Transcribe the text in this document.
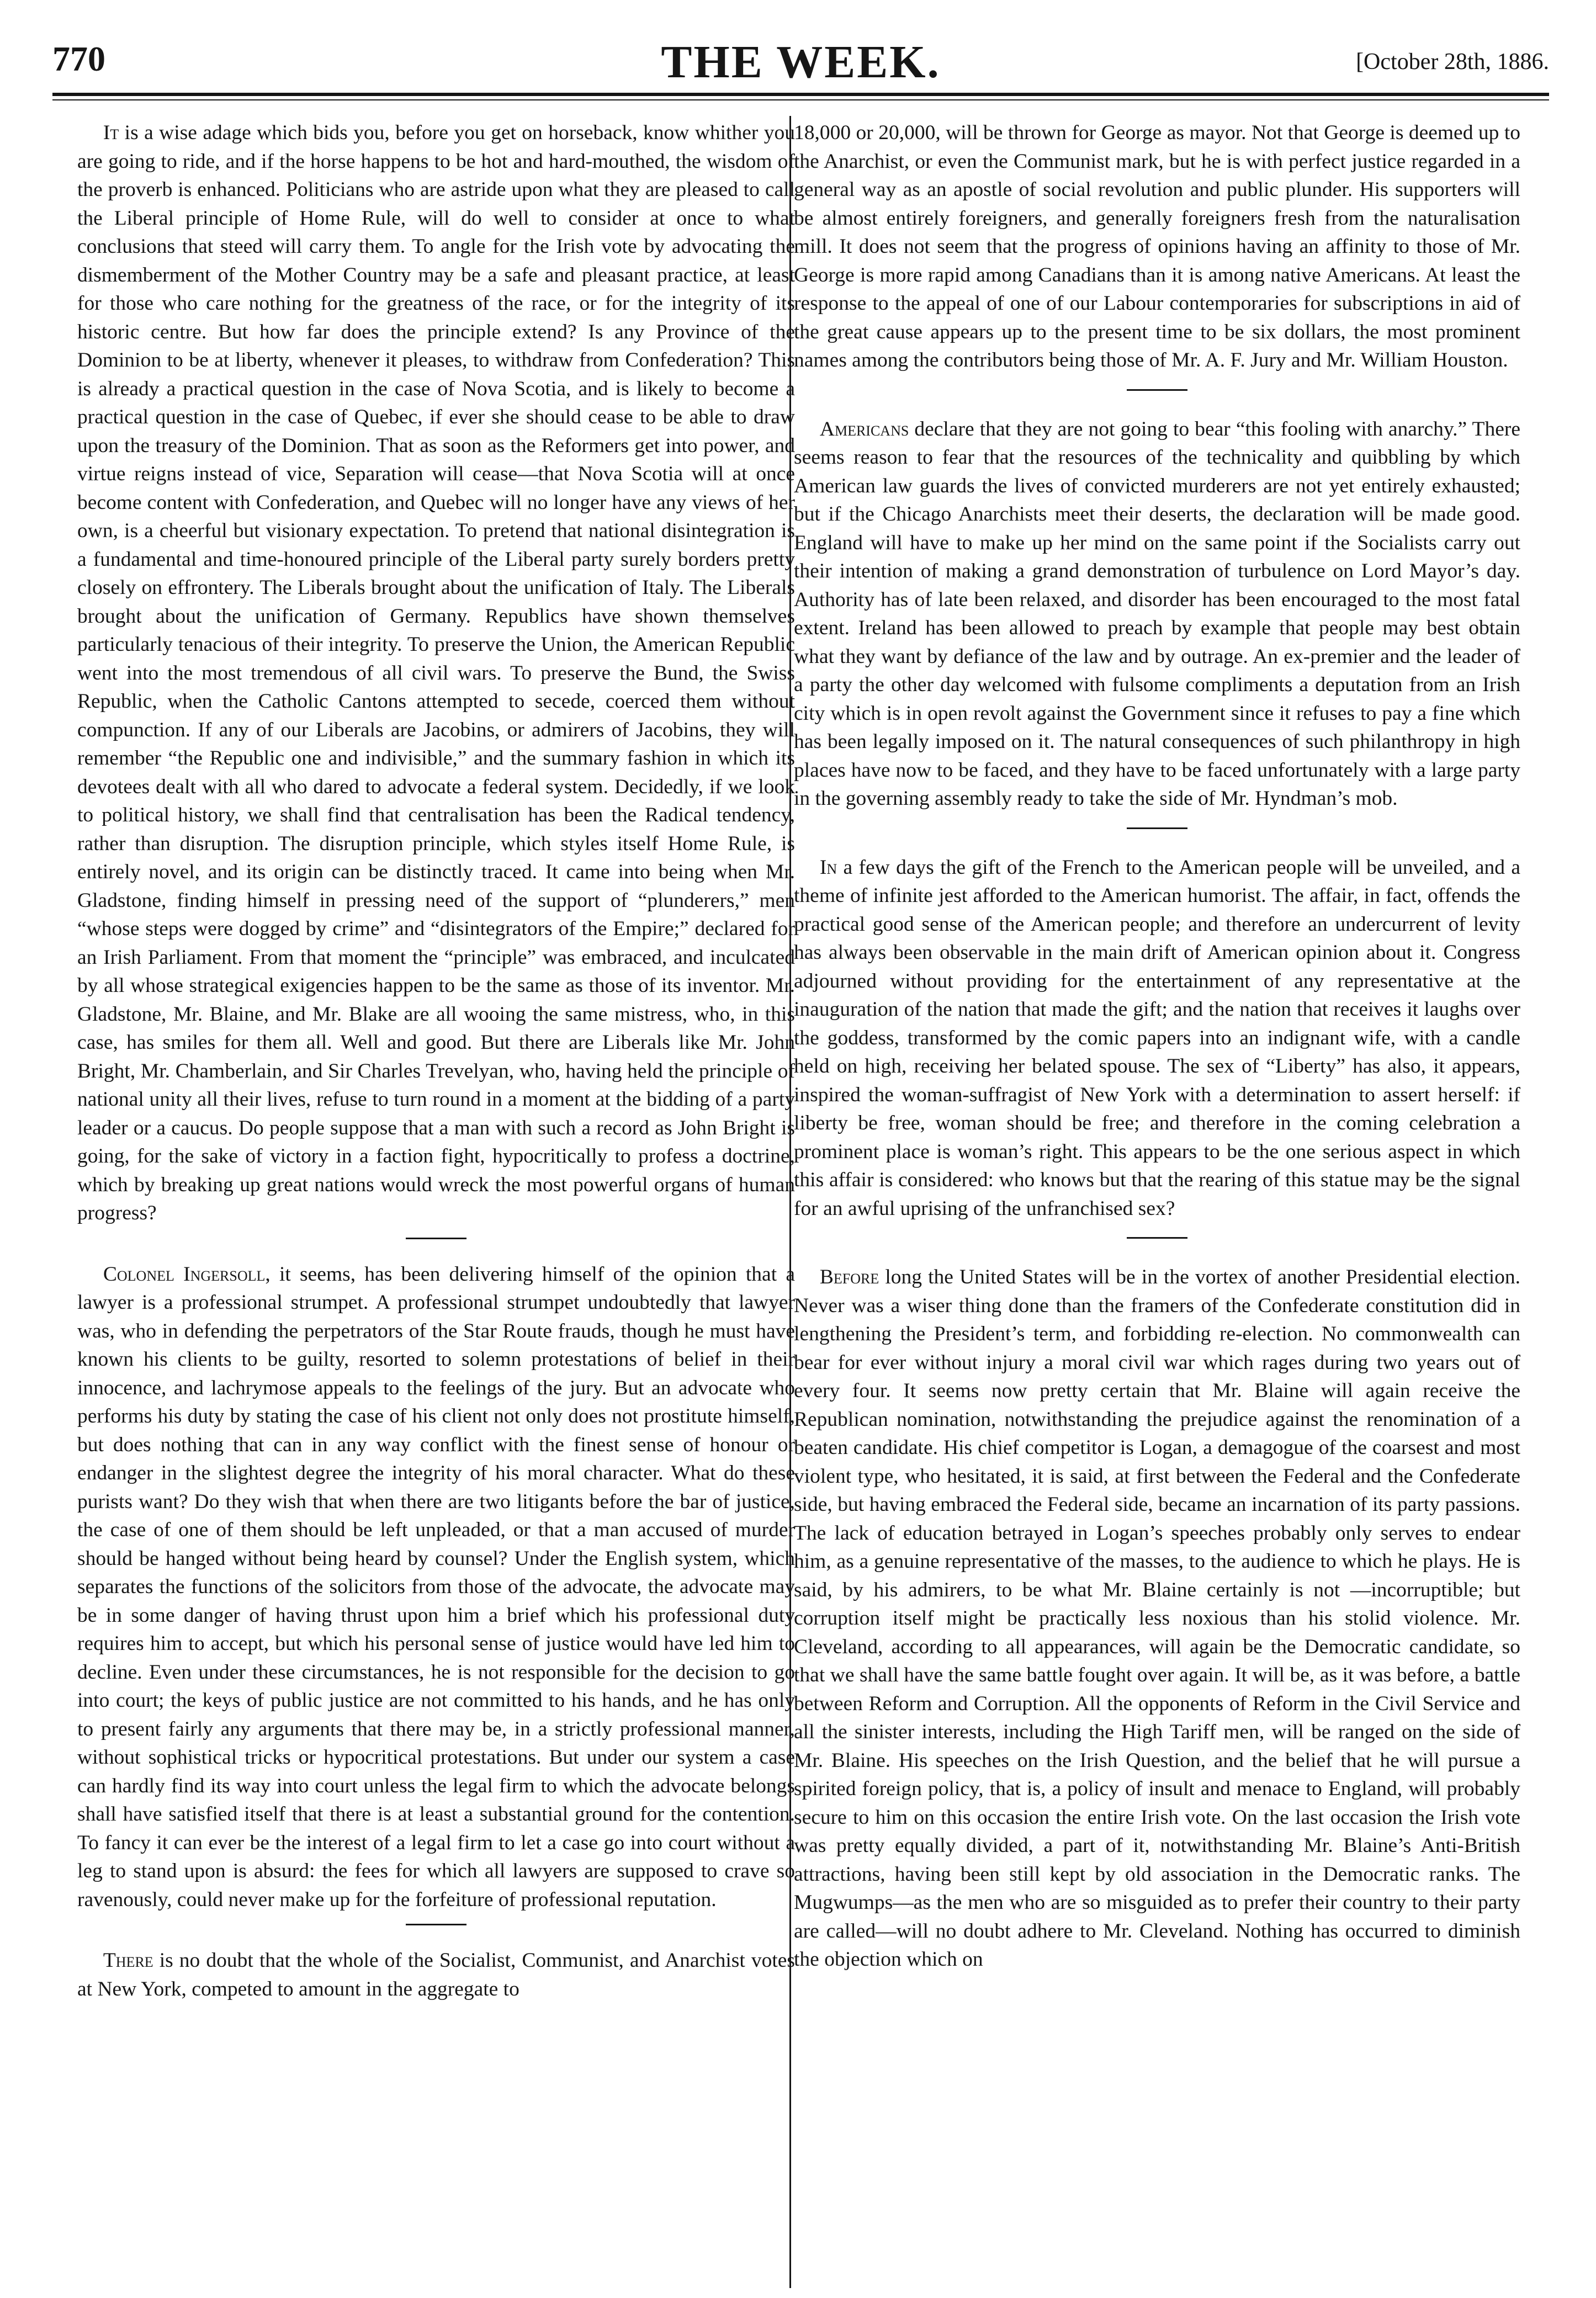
770	THE WEEK.	[October 28th, 1886.

It is a wise adage which bids you, before you get on horseback, know whither you are going to ride, and if the horse happens to be hot and hard-mouthed, the wisdom of the proverb is enhanced. Politicians who are astride upon what they are pleased to call the Liberal principle of Home Rule, will do well to consider at once to what conclusions that steed will carry them. To angle for the Irish vote by advocating the dismemberment of the Mother Country may be a safe and pleasant practice, at least for those who care nothing for the greatness of the race, or for the integrity of its historic centre. But how far does the principle extend? Is any Province of the Dominion to be at liberty, whenever it pleases, to withdraw from Confederation? This is already a practical question in the case of Nova Scotia, and is likely to become a practical question in the case of Quebec, if ever she should cease to be able to draw upon the treasury of the Dominion. That as soon as the Reformers get into power, and virtue reigns instead of vice, Separation will cease—that Nova Scotia will at once become content with Confederation, and Quebec will no longer have any views of her own, is a cheerful but visionary expectation. To pretend that national disintegration is a fundamental and time-honoured principle of the Liberal party surely borders pretty closely on effrontery. The Liberals brought about the unification of Italy. The Liberals brought about the unification of Germany. Republics have shown themselves particularly tenacious of their integrity. To preserve the Union, the American Republic went into the most tremendous of all civil wars. To preserve the Bund, the Swiss Republic, when the Catholic Cantons attempted to secede, coerced them without compunction. If any of our Liberals are Jacobins, or admirers of Jacobins, they will remember “the Republic one and indivisible,” and the summary fashion in which its devotees dealt with all who dared to advocate a federal system. Decidedly, if we look to political history, we shall find that centralisation has been the Radical tendency, rather than disruption. The disruption principle, which styles itself Home Rule, is entirely novel, and its origin can be distinctly traced. It came into being when Mr. Gladstone, finding himself in pressing need of the support of “plunderers,” men “whose steps were dogged by crime” and “disintegrators of the Empire;” declared for an Irish Parliament. From that moment the “principle” was embraced, and inculcated by all whose strategical exigencies happen to be the same as those of its inventor. Mr. Gladstone, Mr. Blaine, and Mr. Blake are all wooing the same mistress, who, in this case, has smiles for them all. Well and good. But there are Liberals like Mr. John Bright, Mr. Chamberlain, and Sir Charles Trevelyan, who, having held the principle of national unity all their lives, refuse to turn round in a moment at the bidding of a party leader or a caucus. Do people suppose that a man with such a record as John Bright is going, for the sake of victory in a faction fight, hypocritically to profess a doctrine, which by breaking up great nations would wreck the most powerful organs of human progress?

Colonel Ingersoll, it seems, has been delivering himself of the opinion that a lawyer is a professional strumpet. A professional strumpet undoubtedly that lawyer was, who in defending the perpetrators of the Star Route frauds, though he must have known his clients to be guilty, resorted to solemn protestations of belief in their innocence, and lachrymose appeals to the feelings of the jury. But an advocate who performs his duty by stating the case of his client not only does not prostitute himself, but does nothing that can in any way conflict with the finest sense of honour or endanger in the slightest degree the integrity of his moral character. What do these purists want? Do they wish that when there are two litigants before the bar of justice, the case of one of them should be left unpleaded, or that a man accused of murder should be hanged without being heard by counsel? Under the English system, which separates the functions of the solicitors from those of the advocate, the advocate may be in some danger of having thrust upon him a brief which his professional duty requires him to accept, but which his personal sense of justice would have led him to decline. Even under these circumstances, he is not responsible for the decision to go into court; the keys of public justice are not committed to his hands, and he has only to present fairly any arguments that there may be, in a strictly professional manner, without sophistical tricks or hypocritical protestations. But under our system a case can hardly find its way into court unless the legal firm to which the advocate belongs shall have satisfied itself that there is at least a substantial ground for the contention. To fancy it can ever be the interest of a legal firm to let a case go into court without a leg to stand upon is absurd: the fees for which all lawyers are supposed to crave so ravenously, could never make up for the forfeiture of professional reputation.

There is no doubt that the whole of the Socialist, Communist, and Anarchist votes at New York, competed to amount in the aggregate to

18,000 or 20,000, will be thrown for George as mayor. Not that George is deemed up to the Anarchist, or even the Communist mark, but he is with perfect justice regarded in a general way as an apostle of social revolution and public plunder. His supporters will be almost entirely foreigners, and generally foreigners fresh from the naturalisation mill. It does not seem that the progress of opinions having an affinity to those of Mr. George is more rapid among Canadians than it is among native Americans. At least the response to the appeal of one of our Labour contemporaries for subscriptions in aid of the great cause appears up to the present time to be six dollars, the most prominent names among the contributors being those of Mr. A. F. Jury and Mr. William Houston.

Americans declare that they are not going to bear “this fooling with anarchy.” There seems reason to fear that the resources of the technicality and quibbling by which American law guards the lives of convicted murderers are not yet entirely exhausted; but if the Chicago Anarchists meet their deserts, the declaration will be made good. England will have to make up her mind on the same point if the Socialists carry out their intention of making a grand demonstration of turbulence on Lord Mayor’s day. Authority has of late been relaxed, and disorder has been encouraged to the most fatal extent. Ireland has been allowed to preach by example that people may best obtain what they want by defiance of the law and by outrage. An ex-premier and the leader of a party the other day welcomed with fulsome compliments a deputation from an Irish city which is in open revolt against the Government since it refuses to pay a fine which has been legally imposed on it. The natural consequences of such philanthropy in high places have now to be faced, and they have to be faced unfortunately with a large party in the governing assembly ready to take the side of Mr. Hyndman’s mob.

In a few days the gift of the French to the American people will be unveiled, and a theme of infinite jest afforded to the American humorist. The affair, in fact, offends the practical good sense of the American people; and therefore an undercurrent of levity has always been observable in the main drift of American opinion about it. Congress adjourned without providing for the entertainment of any representative at the inauguration of the nation that made the gift; and the nation that receives it laughs over the goddess, transformed by the comic papers into an indignant wife, with a candle held on high, receiving her belated spouse. The sex of “Liberty” has also, it appears, inspired the woman-suffragist of New York with a determination to assert herself: if liberty be free, woman should be free; and therefore in the coming celebration a prominent place is woman’s right. This appears to be the one serious aspect in which this affair is considered: who knows but that the rearing of this statue may be the signal for an awful uprising of the unfranchised sex?

Before long the United States will be in the vortex of another Presidential election. Never was a wiser thing done than the framers of the Confederate constitution did in lengthening the President’s term, and forbidding re-election. No commonwealth can bear for ever without injury a moral civil war which rages during two years out of every four. It seems now pretty certain that Mr. Blaine will again receive the Republican nomination, notwithstanding the prejudice against the renomination of a beaten candidate. His chief competitor is Logan, a demagogue of the coarsest and most violent type, who hesitated, it is said, at first between the Federal and the Confederate side, but having embraced the Federal side, became an incarnation of its party passions. The lack of education betrayed in Logan’s speeches probably only serves to endear him, as a genuine representative of the masses, to the audience to which he plays. He is said, by his admirers, to be what Mr. Blaine certainly is not —incorruptible; but corruption itself might be practically less noxious than his stolid violence. Mr. Cleveland, according to all appearances, will again be the Democratic candidate, so that we shall have the same battle fought over again. It will be, as it was before, a battle between Reform and Corruption. All the opponents of Reform in the Civil Service and all the sinister interests, including the High Tariff men, will be ranged on the side of Mr. Blaine. His speeches on the Irish Question, and the belief that he will pursue a spirited foreign policy, that is, a policy of insult and menace to England, will probably secure to him on this occasion the entire Irish vote. On the last occasion the Irish vote was pretty equally divided, a part of it, notwithstanding Mr. Blaine’s Anti-British attractions, having been still kept by old association in the Democratic ranks. The Mugwumps—as the men who are so misguided as to prefer their country to their party are called—will no doubt adhere to Mr. Cleveland. Nothing has occurred to diminish the objection which on
